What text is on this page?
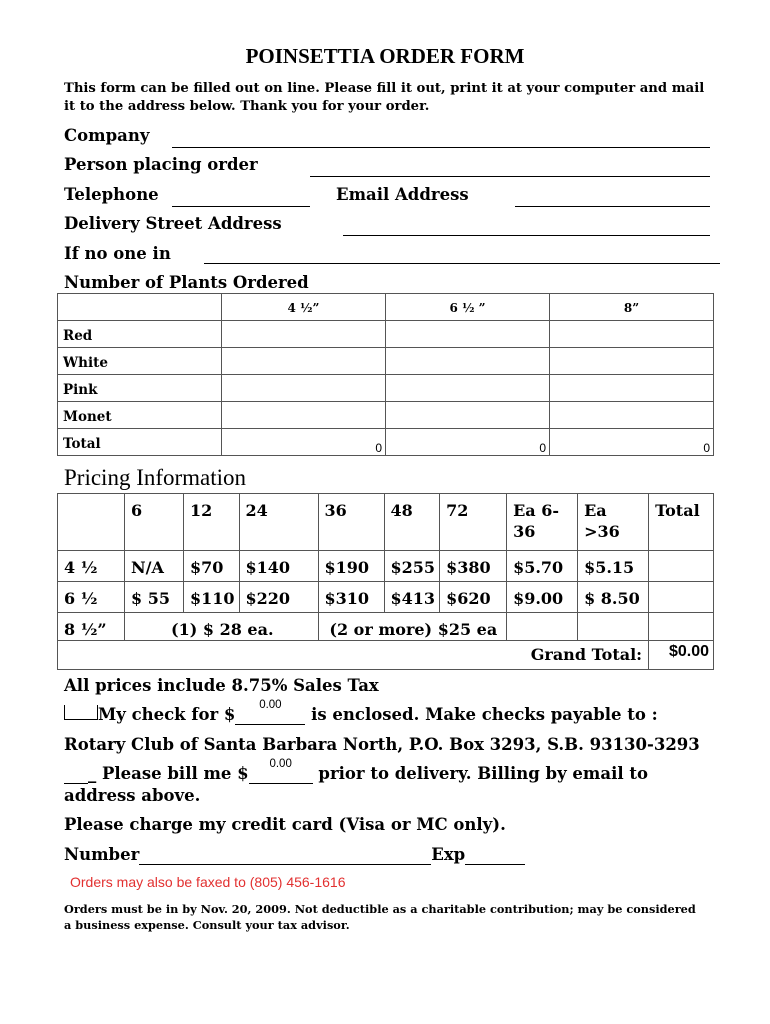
POINSETTIA ORDER FORM
This form can be filled out on line. Please fill it out, print it at your computer and mail it to the address below. Thank you for your order.
Company
Person placing order
Telephone	Email Address
Delivery Street Address
If no one in
Number of Plants Ordered
	4 ½”	6 ½ ”	8”
Red			
White			
Pink			
Monet			
Total	0	0	0
Pricing Information
	6	12	24	36	48	72	Ea 6-36	Ea >36	Total
4 ½	N/A	$70	$140	$190	$255	$380	$5.70	$5.15	
6 ½	$ 55	$110	$220	$310	$413	$620	$9.00	$ 8.50	
8 ½”	(1) $ 28 ea.			(2 or more) $25 ea					
Grand Total:									$0.00
All prices include 8.75% Sales Tax
My check for $	0.00	is enclosed. Make checks payable to :
Rotary Club of Santa Barbara North, P.O. Box 3293, S.B. 93130-3293
_ Please bill me $	0.00	prior to delivery. Billing by email to
address above.
Please charge my credit card (Visa or MC only).
Number	Exp
Orders may also be faxed to (805) 456-1616
Orders must be in by Nov. 20, 2009. Not deductible as a charitable contribution; may be considered a business expense. Consult your tax advisor.
